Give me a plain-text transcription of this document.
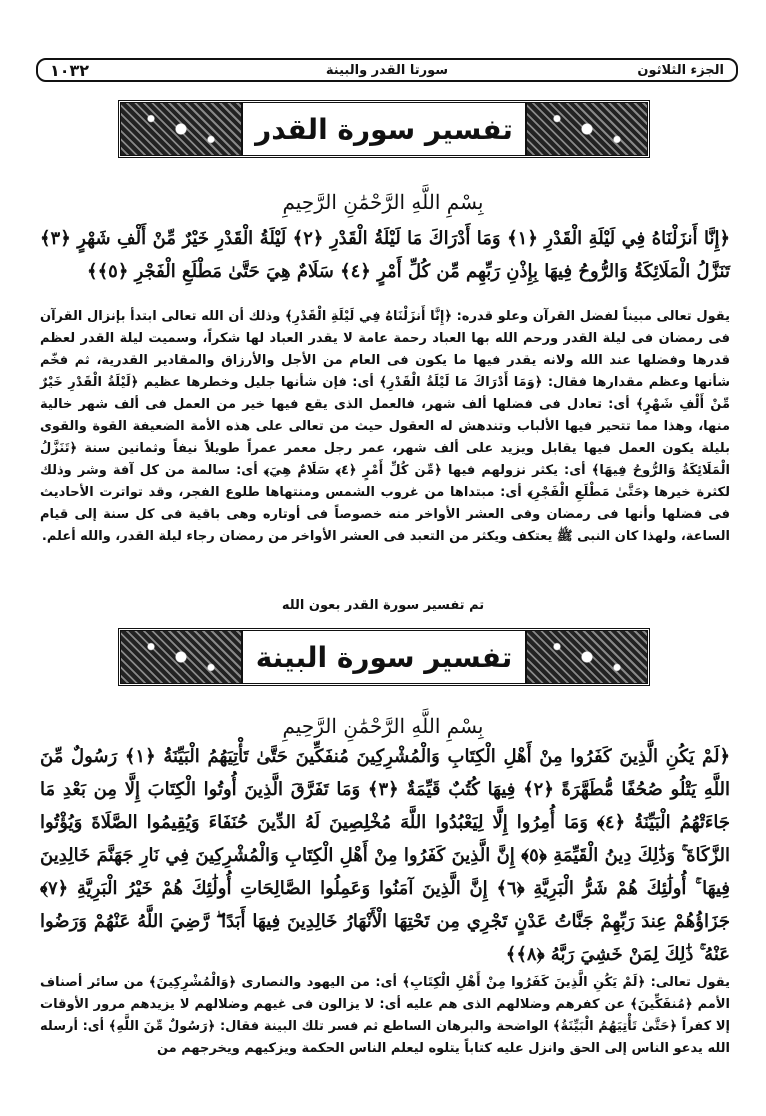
١٠٣٢	سورتا القدر والبينة	الجزء الثلاثون
تفسير سورة القدر
بِسْمِ اللَّهِ الرَّحْمَٰنِ الرَّحِيمِ
﴿إِنَّا أَنزَلْنَاهُ فِي لَيْلَةِ الْقَدْرِ ﴿١﴾ وَمَا أَدْرَاكَ مَا لَيْلَةُ الْقَدْرِ ﴿٢﴾ لَيْلَةُ الْقَدْرِ خَيْرٌ مِّنْ أَلْفِ شَهْرٍ ﴿٣﴾ تَنَزَّلُ الْمَلَائِكَةُ وَالرُّوحُ فِيهَا بِإِذْنِ رَبِّهِم مِّن كُلِّ أَمْرٍ ﴿٤﴾ سَلَامٌ هِيَ حَتَّىٰ مَطْلَعِ الْفَجْرِ ﴿٥﴾﴾
يقول تعالى مبيناً لفضل القرآن وعلو قدره: ﴿إِنَّا أَنزَلْنَاهُ فِي لَيْلَةِ الْقَدْرِ﴾ وذلك أن الله تعالى ابتدأ بإنزال القرآن فى رمضان فى ليلة القدر ورحم الله بها العباد رحمة عامة لا يقدر العباد لها شكراً، وسميت ليلة القدر لعظم قدرها وفضلها عند الله ولانه يقدر فيها ما يكون فى العام من الأجل والأرزاق والمقادير القدرية، ثم فخّم شأنها وعظم مقدارها فقال: ﴿وَمَا أَدْرَاكَ مَا لَيْلَةُ الْقَدْرِ﴾ أى: فإن شأنها جليل وخطرها عظيم ﴿لَيْلَةُ الْقَدْرِ خَيْرٌ مِّنْ أَلْفِ شَهْرٍ﴾ أى: تعادل فى فضلها ألف شهر، فالعمل الذى يقع فيها خير من العمل فى ألف شهر خالية منها، وهذا مما تتحير فيها الألباب وتندهش له العقول حيث من تعالى على هذه الأمة الضعيفة القوة والقوى بليلة يكون العمل فيها يقابل ويزيد على ألف شهر، عمر رجل معمر عمراً طويلاً نيفاً وثمانين سنة ﴿تَنَزَّلُ الْمَلَائِكَةُ وَالرُّوحُ فِيهَا﴾ أى: يكثر نزولهم فيها ﴿مِّن كُلِّ أَمْرٍ ﴿٤﴾ سَلَامٌ هِيَ﴾ أى: سالمة من كل آفة وشر وذلك لكثرة خيرها ﴿حَتَّىٰ مَطْلَعِ الْفَجْرِ﴾ أى: مبتداها من غروب الشمس ومنتهاها طلوع الفجر، وقد تواترت الأحاديث فى فضلها وأنها فى رمضان وفى العشر الأواخر منه خصوصاً فى أوتاره وهى باقية فى كل سنة إلى قيام الساعة، ولهذا كان النبى ﷺ يعتكف ويكثر من التعبد فى العشر الأواخر من رمضان رجاء ليلة القدر، والله أعلم.
تم تفسير سورة القدر بعون الله
تفسير سورة البينة
بِسْمِ اللَّهِ الرَّحْمَٰنِ الرَّحِيمِ
﴿لَمْ يَكُنِ الَّذِينَ كَفَرُوا مِنْ أَهْلِ الْكِتَابِ وَالْمُشْرِكِينَ مُنفَكِّينَ حَتَّىٰ تَأْتِيَهُمُ الْبَيِّنَةُ ﴿١﴾ رَسُولٌ مِّنَ اللَّهِ يَتْلُو صُحُفًا مُّطَهَّرَةً ﴿٢﴾ فِيهَا كُتُبٌ قَيِّمَةٌ ﴿٣﴾ وَمَا تَفَرَّقَ الَّذِينَ أُوتُوا الْكِتَابَ إِلَّا مِن بَعْدِ مَا جَاءَتْهُمُ الْبَيِّنَةُ ﴿٤﴾ وَمَا أُمِرُوا إِلَّا لِيَعْبُدُوا اللَّهَ مُخْلِصِينَ لَهُ الدِّينَ حُنَفَاءَ وَيُقِيمُوا الصَّلَاةَ وَيُؤْتُوا الزَّكَاةَ ۚ وَذَٰلِكَ دِينُ الْقَيِّمَةِ ﴿٥﴾ إِنَّ الَّذِينَ كَفَرُوا مِنْ أَهْلِ الْكِتَابِ وَالْمُشْرِكِينَ فِي نَارِ جَهَنَّمَ خَالِدِينَ فِيهَا ۚ أُولَٰئِكَ هُمْ شَرُّ الْبَرِيَّةِ ﴿٦﴾ إِنَّ الَّذِينَ آمَنُوا وَعَمِلُوا الصَّالِحَاتِ أُولَٰئِكَ هُمْ خَيْرُ الْبَرِيَّةِ ﴿٧﴾ جَزَاؤُهُمْ عِندَ رَبِّهِمْ جَنَّاتُ عَدْنٍ تَجْرِي مِن تَحْتِهَا الْأَنْهَارُ خَالِدِينَ فِيهَا أَبَدًا ۖ رَّضِيَ اللَّهُ عَنْهُمْ وَرَضُوا عَنْهُ ۚ ذَٰلِكَ لِمَنْ خَشِيَ رَبَّهُ ﴿٨﴾﴾
يقول تعالى: ﴿لَمْ يَكُنِ الَّذِينَ كَفَرُوا مِنْ أَهْلِ الْكِتَابِ﴾ أى: من اليهود والنصارى ﴿وَالْمُشْرِكِينَ﴾ من سائر أصناف الأمم ﴿مُنفَكِّينَ﴾ عن كفرهم وضلالهم الذى هم عليه أى: لا يزالون فى غيهم وضلالهم لا يزيدهم مرور الأوقات إلا كفراً ﴿حَتَّىٰ تَأْتِيَهُمُ الْبَيِّنَةُ﴾ الواضحة والبرهان الساطع ثم فسر تلك البينة فقال: ﴿رَسُولٌ مِّنَ اللَّهِ﴾ أى: أرسله الله يدعو الناس إلى الحق وانزل عليه كتاباً يتلوه ليعلم الناس الحكمة ويزكيهم ويخرجهم من
